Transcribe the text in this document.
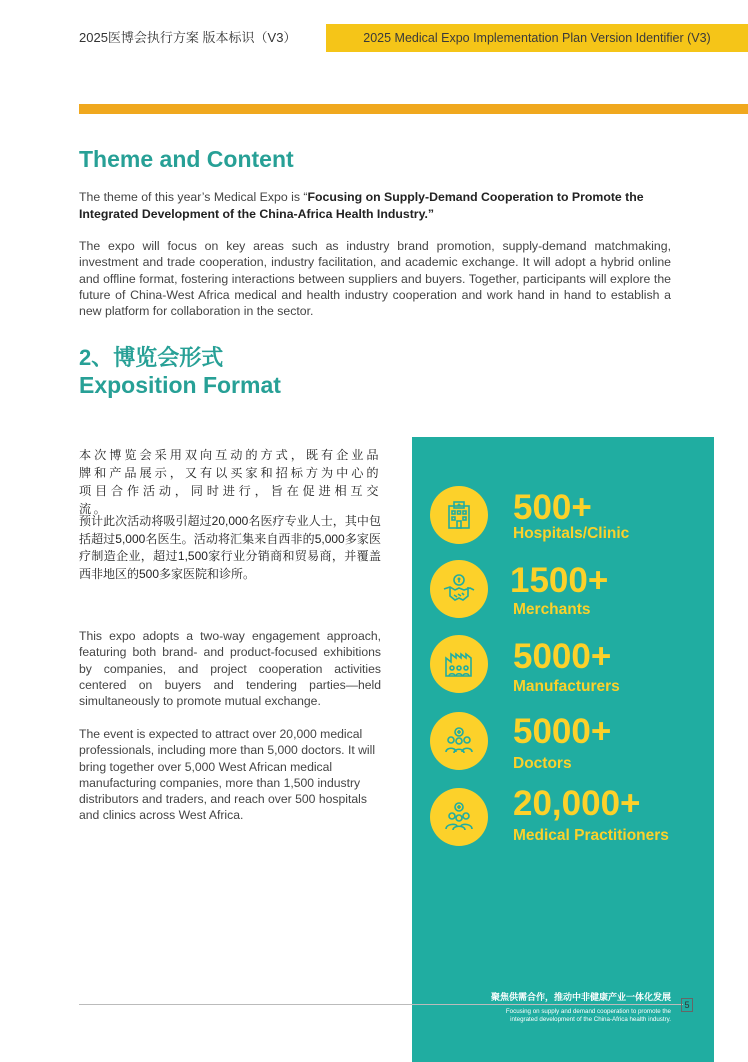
2025医博会执行方案 版本标识（V3）	2025 Medical Expo Implementation Plan Version Identifier (V3)
Theme and Content
The theme of this year’s Medical Expo is “Focusing on Supply-Demand Cooperation to Promote the Integrated Development of the China-Africa Health Industry.”
The expo will focus on key areas such as industry brand promotion, supply-demand matchmaking, investment and trade cooperation, industry facilitation, and academic exchange. It will adopt a hybrid online and offline format, fostering interactions between suppliers and buyers. Together, participants will explore the future of China-West Africa medical and health industry cooperation and work hand in hand to establish a new platform for collaboration in the sector.
2、博览会形式
Exposition Format
本次博览会采用双向互动的方式，既有企业品牌和产品展示，又有以买家和招标方为中心的项目合作活动，同时进行，旨在促进相互交流。
预计此次活动将吸引超过20,000名医疗专业人士，其中包括超过5,000名医生。活动将汇集来自西非的5,000多家医疗制造企业，超过1,500家行业分销商和贸易商，并覆盖西非地区的500多家医院和诊所。
This expo adopts a two-way engagement approach, featuring both brand- and product-focused exhibitions by companies, and project cooperation activities centered on buyers and tendering parties—held simultaneously to promote mutual exchange.
The event is expected to attract over 20,000 medical professionals, including more than 5,000 doctors. It will bring together over 5,000 West African medical manufacturing companies, more than 1,500 industry distributors and traders, and reach over 500 hospitals and clinics across West Africa.
500+
Hospitals/Clinic
1500+
Merchants
5000+
Manufacturers
5000+
Doctors
20,000+
Medical Practitioners
聚焦供需合作，推动中非健康产业一体化发展
Focusing on supply and demand cooperation to promote the
integrated development of the China-Africa health industry.
5
